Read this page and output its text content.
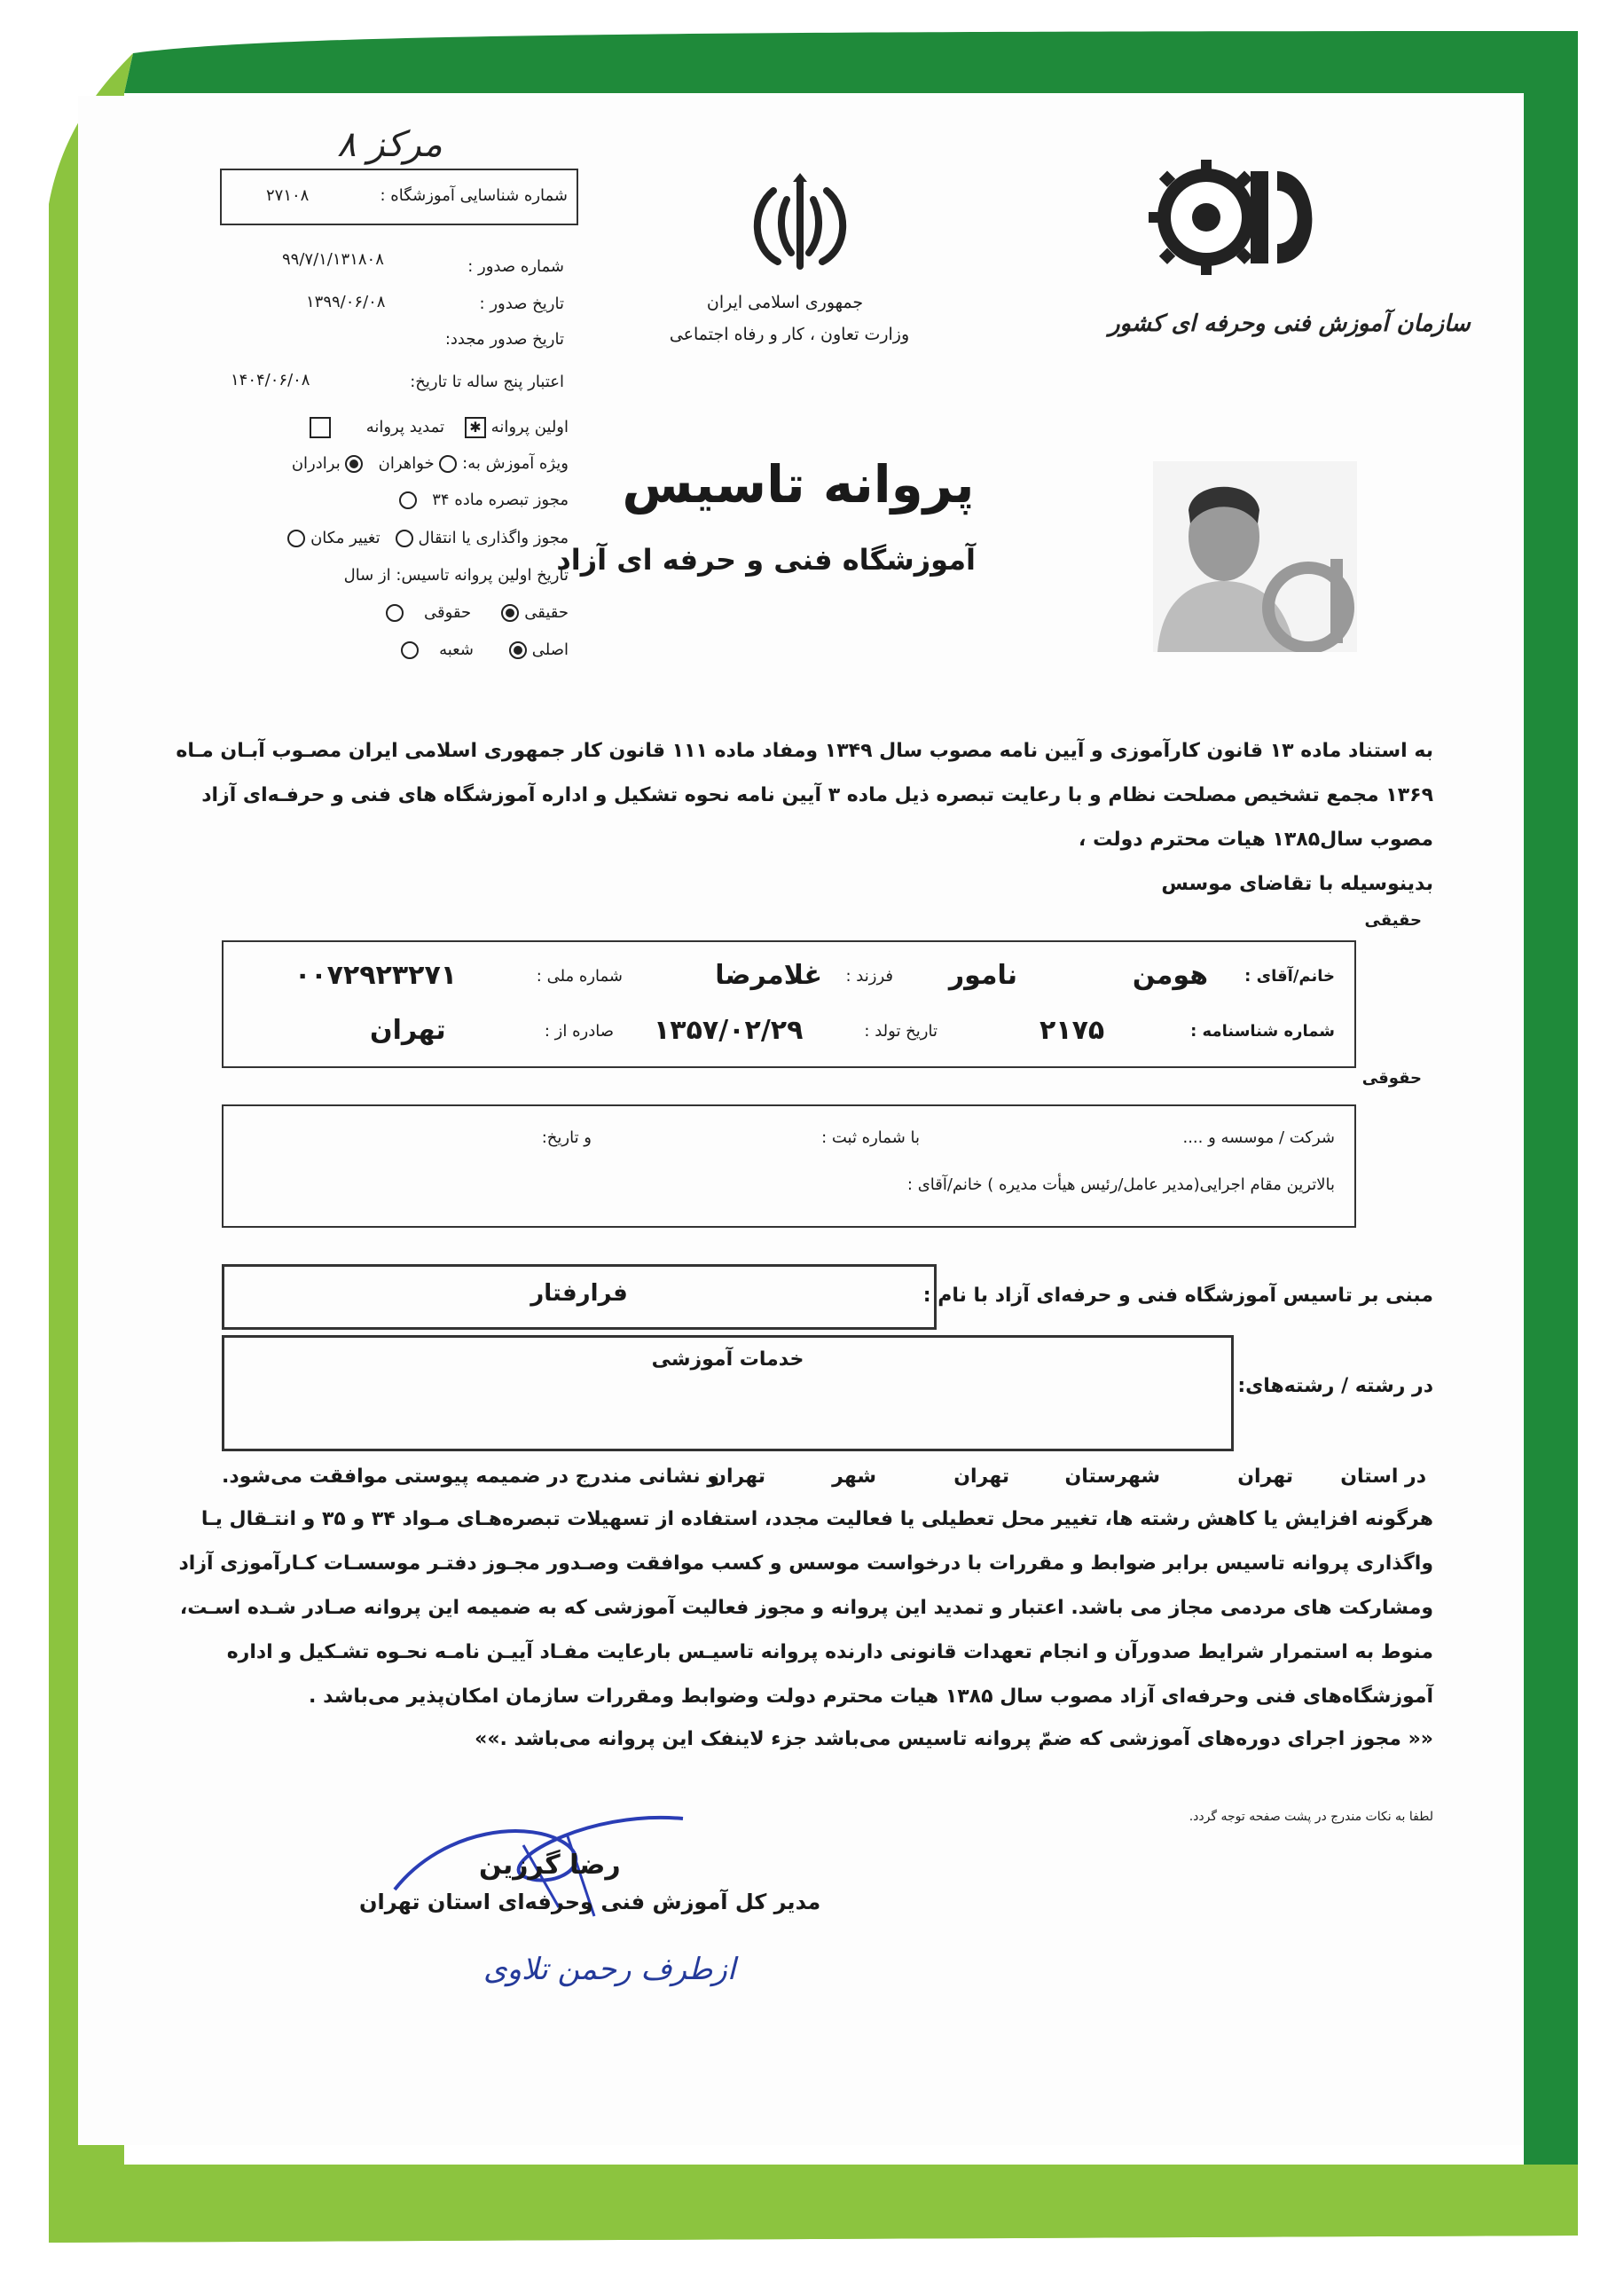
مرکز ۸
شماره شناسایی آموزشگاه :
۲۷۱۰۸
شماره صدور :
۹۹/۷/۱/۱۳۱۸۰۸
تاریخ صدور :
۱۳۹۹/۰۶/۰۸
تاریخ صدور مجدد:
اعتبار پنج ساله تا تاریخ:
۱۴۰۴/۰۶/۰۸
اولین پروانه ✱    تمدید پروانه
ویژه آموزش به:  خواهران    برادران
مجوز تبصره ماده ۳۴
مجوز واگذاری یا انتقال    تغییر مکان
تاریخ اولین پروانه تاسیس: از سال
حقیقی       حقوقی
اصلی        شعبه
جمهوری اسلامی ایران
وزارت تعاون ، کار و رفاه اجتماعی	سازمان آموزش فنی وحرفه ای کشور
پروانه تاسیس
آموزشگاه فنی و حرفه ای آزاد
به استناد ماده ۱۳ قانون کارآموزی و آیین نامه مصوب سال ۱۳۴۹ ومفاد ماده ۱۱۱ قانون کار جمهوری اسلامی ایران مصـوب آبـان مـاه
۱۳۶۹ مجمع تشخیص مصلحت نظام و با رعایت تبصره ذیل ماده ۳ آیین نامه نحوه تشکیل و اداره آموزشگاه های فنی و حرفـه‌ای آزاد
مصوب سال۱۳۸۵ هیات محترم دولت ،
بدینوسیله با تقاضای موسس
حقیقی
خانم/آقای :
هومن
نامور
فرزند :
غلامرضا
شماره ملی :
۰۰۷۲۹۲۳۲۷۱
شماره شناسنامه :
۲۱۷۵
تاریخ تولد :
۱۳۵۷/۰۲/۲۹
صادره از :
تهران
حقوقی
شرکت / موسسه و ....
با شماره ثبت :
و تاریخ:
بالاترین مقام اجرایی(مدیر عامل/رئیس هیأت مدیره ) خانم/آقای :
مبنی بر تاسیس آموزشگاه فنی و حرفه‌ای آزاد با نام :
فرارفتار
در رشته / رشته‌های:
خدمات آموزشی
در استان
تهران
شهرستان
تهران
شهر
تهران
و نشانی مندرج در ضمیمه پیوستی موافقت می‌شود.
هرگونه افزایش یا کاهش رشته ها، تغییر محل تعطیلی یا فعالیت مجدد، استفاده از تسهیلات تبصره‌هـای مـواد ۳۴ و ۳۵ و انتـقال یـا
واگذاری پروانه تاسیس برابر ضوابط و مقررات با درخواست موسس و کسب موافقت وصـدور مجـوز دفتـر موسسـات کـارآموزی آزاد
ومشارکت های مردمی مجاز می باشد. اعتبار و تمدید این پروانه و مجوز فعالیت آموزشی که به ضمیمه این پروانه صـادر شـده اسـت،
منوط به استمرار شرایط صدورآن و انجام تعهدات قانونی دارنده پروانه تاسیـس بارعایت مفـاد آییـن نامـه نحـوه تشـکیل و اداره
آموزشگاه‌های فنی وحرفه‌ای آزاد مصوب سال ۱۳۸۵ هیات محترم دولت وضوابط ومقررات سازمان امکان‌پذیر می‌باشد .
«« مجوز اجرای دوره‌های آموزشی که ضمّ پروانه تاسیس می‌باشد جزء لاینفک این پروانه می‌باشد .»»
لطفا به نکات مندرج در پشت صفحه توجه گردد.
رضا گرزین
مدیر کل آموزش فنی وحرفه‌ای استان تهران
ازطرف رحمن تلاوی
